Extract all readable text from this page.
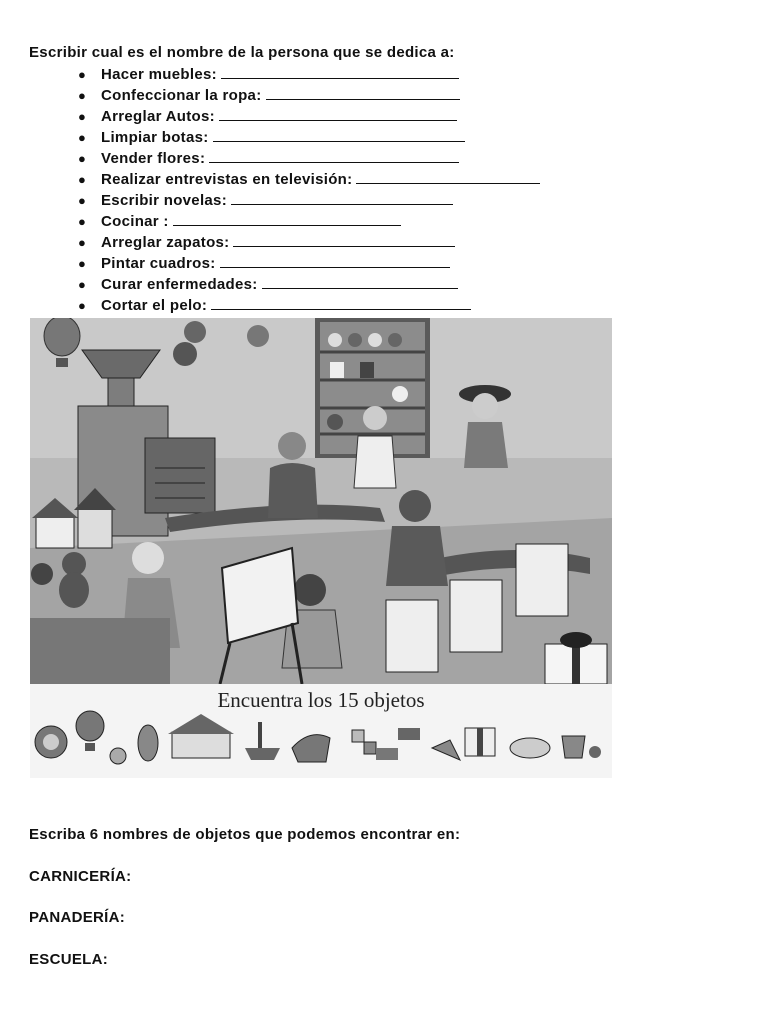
Escribir cual es el nombre de la persona que se dedica a:
● Hacer muebles:
● Confeccionar la ropa:
● Arreglar Autos:
● Limpiar botas:
● Vender flores:
● Realizar entrevistas en televisión:
● Escribir novelas:
● Cocinar :
● Arreglar zapatos:
● Pintar cuadros:
● Curar enfermedades:
● Cortar el pelo:
Encuentra los 15 objetos
Escriba 6 nombres de objetos que podemos encontrar en:
CARNICERÍA:
PANADERÍA:
ESCUELA:
